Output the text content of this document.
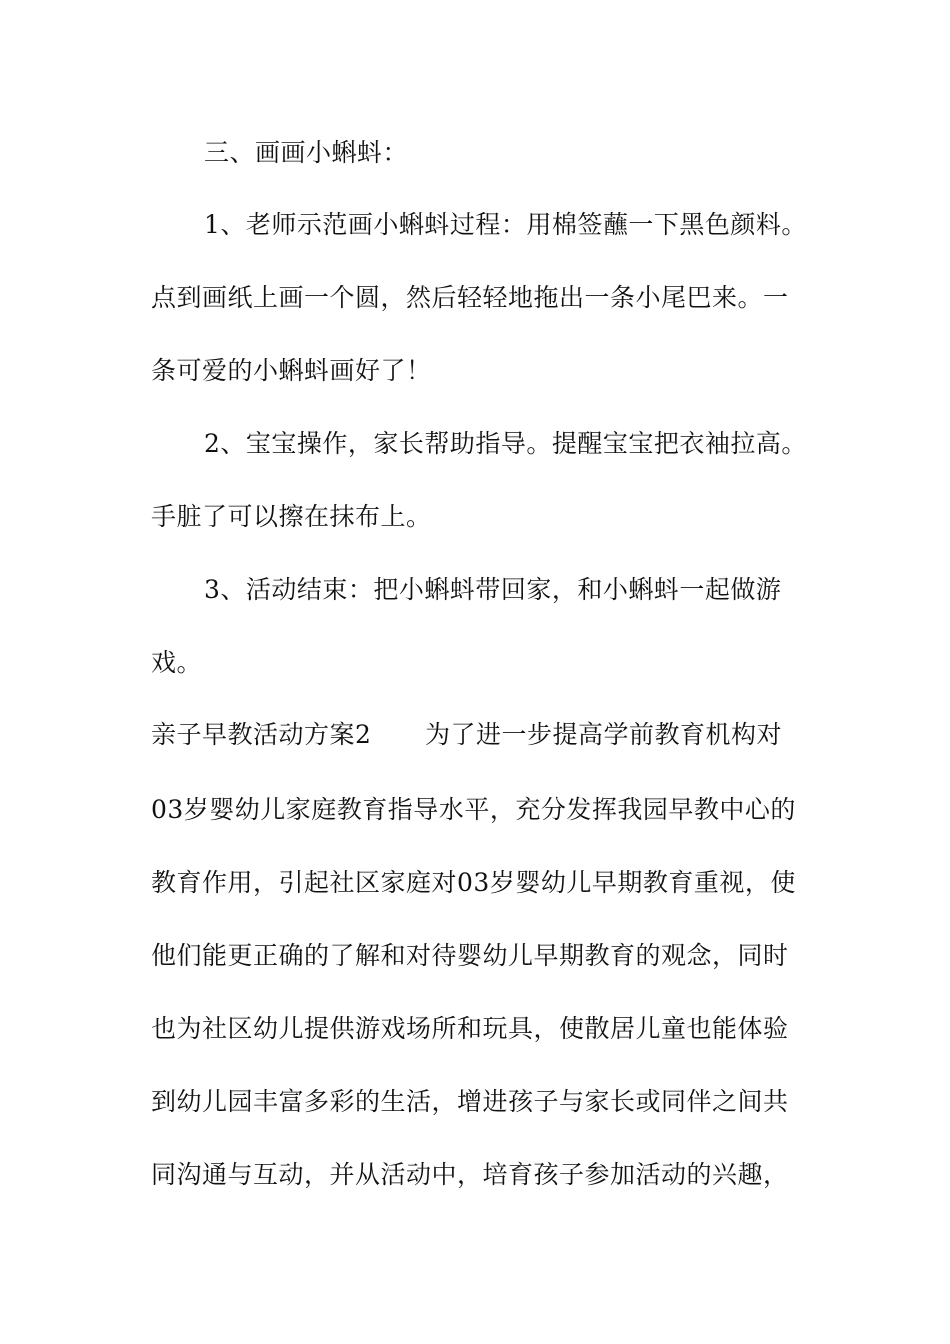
三、画画小蝌蚪：
1、老师示范画小蝌蚪过程：用棉签蘸一下黑色颜料。
点到画纸上画一个圆，然后轻轻地拖出一条小尾巴来。一
条可爱的小蝌蚪画好了！
2、宝宝操作，家长帮助指导。提醒宝宝把衣袖拉高。
手脏了可以擦在抹布上。
3、活动结束：把小蝌蚪带回家，和小蝌蚪一起做游
戏。
亲子早教活动方案2 为了进一步提高学前教育机构对
03岁婴幼儿家庭教育指导水平，充分发挥我园早教中心的
教育作用，引起社区家庭对03岁婴幼儿早期教育重视，使
他们能更正确的了解和对待婴幼儿早期教育的观念，同时
也为社区幼儿提供游戏场所和玩具，使散居儿童也能体验
到幼儿园丰富多彩的生活，增进孩子与家长或同伴之间共
同沟通与互动，并从活动中，培育孩子参加活动的兴趣，
